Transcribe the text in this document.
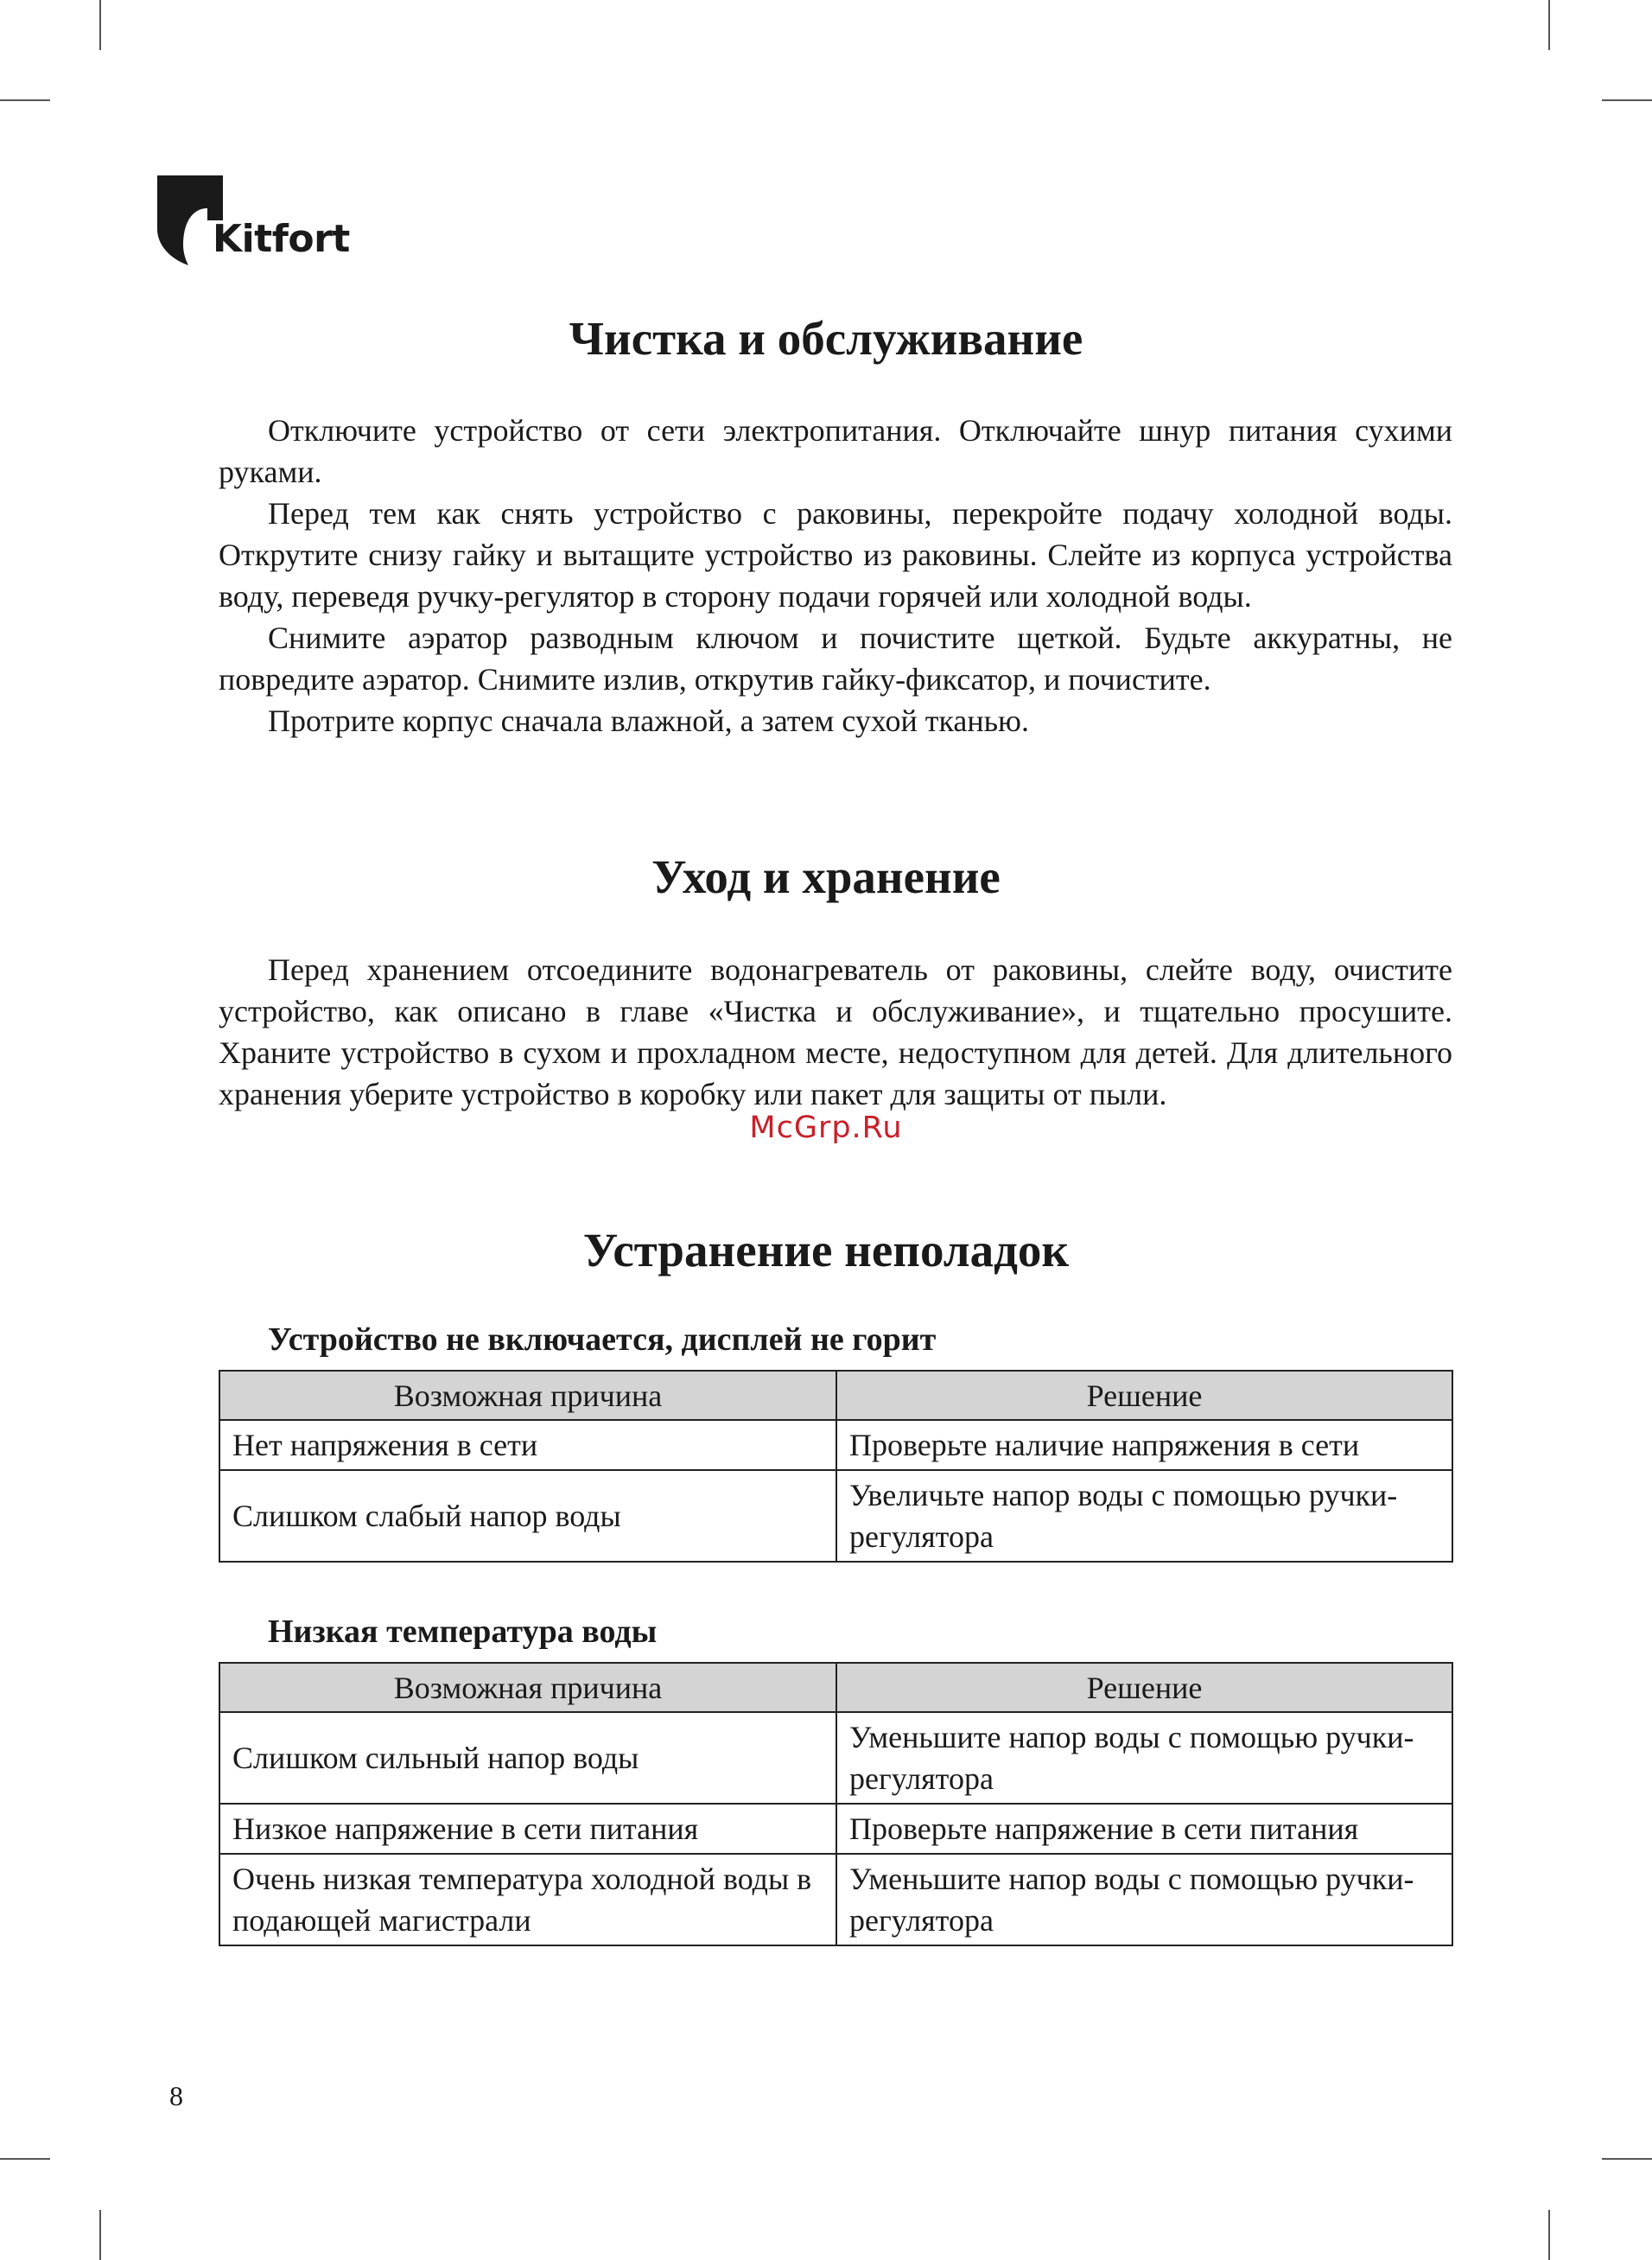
Kitfort
Чистка и обслуживание

Отключите устройство от сети электропитания. Отключайте шнур питания сухими руками.

Перед тем как снять устройство с раковины, перекройте подачу холодной воды. Открутите снизу гайку и вытащите устройство из раковины. Слейте из корпуса устройства воду, переведя ручку-регулятор в сторону подачи горячей или холодной воды.

Снимите аэратор разводным ключом и почистите щеткой. Будьте аккуратны, не повредите аэратор. Снимите излив, открутив гайку-фиксатор, и почистите.

Протрите корпус сначала влажной, а затем сухой тканью.

Уход и хранение

Перед хранением отсоедините водонагреватель от раковины, слейте воду, очистите устройство, как описано в главе «Чистка и обслуживание», и тщательно просушите. Храните устройство в сухом и прохладном месте, недоступном для детей. Для длительного хранения уберите устройство в коробку или пакет для защиты от пыли.

McGrp.Ru
Устранение неполадок
Устройство не включается, дисплей не горит
Возможная причина	Решение
Нет напряжения в сети	Проверьте наличие напряжения в сети
Слишком слабый напор воды	Увеличьте напор воды с помощью ручки-регулятора
Низкая температура воды
Возможная причина	Решение
Слишком сильный напор воды	Уменьшите напор воды с помощью ручки-регулятора
Низкое напряжение в сети питания	Проверьте напряжение в сети питания
Очень низкая температура холодной воды в подающей магистрали	Уменьшите напор воды с помощью ручки-регулятора
8
